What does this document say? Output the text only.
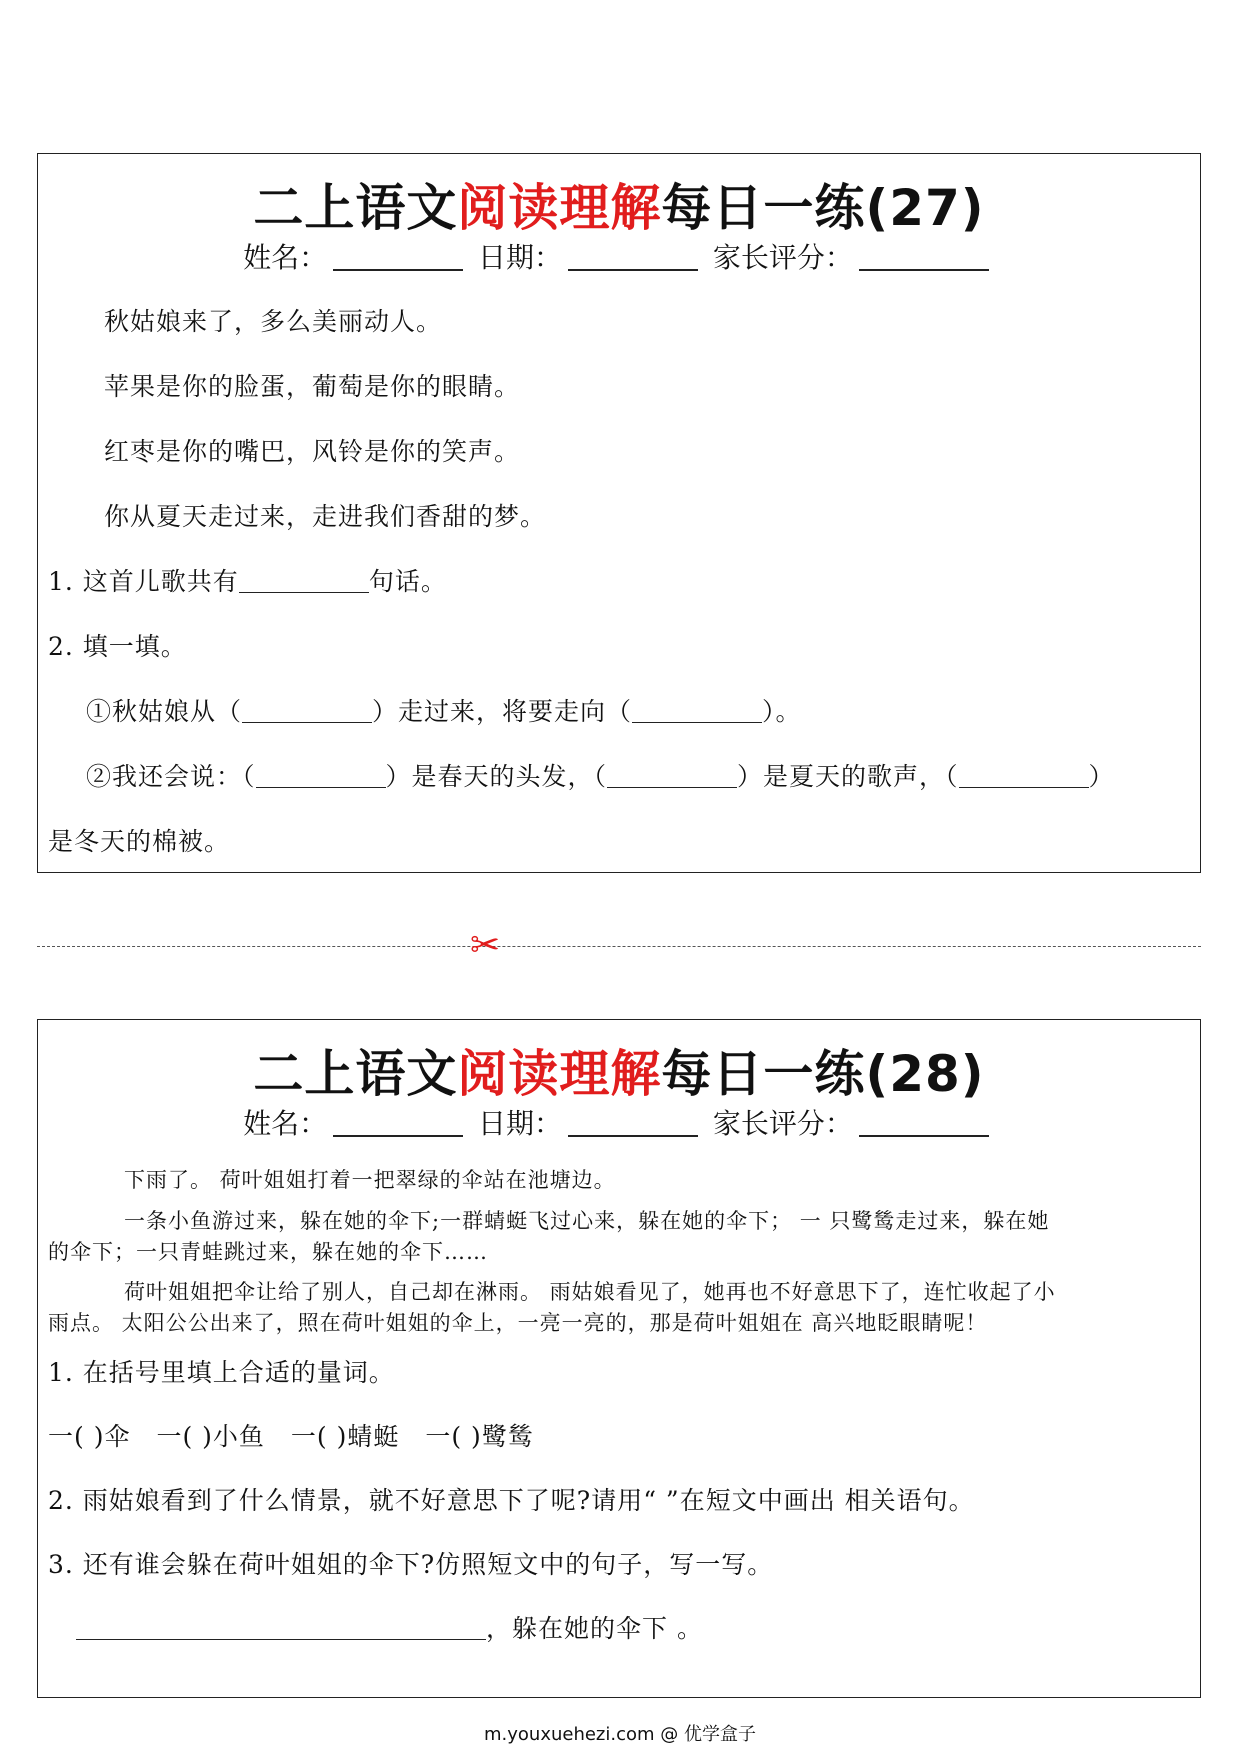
二上语文阅读理解每日一练(27)
姓名：	日期：	家长评分：
秋姑娘来了，多么美丽动人。
苹果是你的脸蛋，葡萄是你的眼睛。
红枣是你的嘴巴，风铃是你的笑声。
你从夏天走过来，走进我们香甜的梦。
1. 这首儿歌共有	句话。
2. 填一填。
①秋姑娘从（	）走过来，将要走向（	）。
②我还会说：（	）是春天的头发，（	）是夏天的歌声，（	）
是冬天的棉被。
✂
二上语文阅读理解每日一练(28)
姓名：	日期：	家长评分：
下雨了。 荷叶姐姐打着一把翠绿的伞站在池塘边。
一条小鱼游过来，躲在她的伞下;一群蜻蜓飞过心来，躲在她的伞下； 一 只鹭鸶走过来，躲在她
的伞下；一只青蛙跳过来，躲在她的伞下……
荷叶姐姐把伞让给了别人，自己却在淋雨。 雨姑娘看见了，她再也不好意思下了，连忙收起了小
雨点。 太阳公公出来了，照在荷叶姐姐的伞上，一亮一亮的，那是荷叶姐姐在 高兴地眨眼睛呢！
1. 在括号里填上合适的量词。
一( )伞　一( )小鱼　一( )蜻蜓　一( )鹭鸶
2. 雨姑娘看到了什么情景，就不好意思下了呢?请用“ ”在短文中画出 相关语句。
3. 还有谁会躲在荷叶姐姐的伞下?仿照短文中的句子，写一写。
，躲在她的伞下 。
m.youxuehezi.com @ 优学盒子
